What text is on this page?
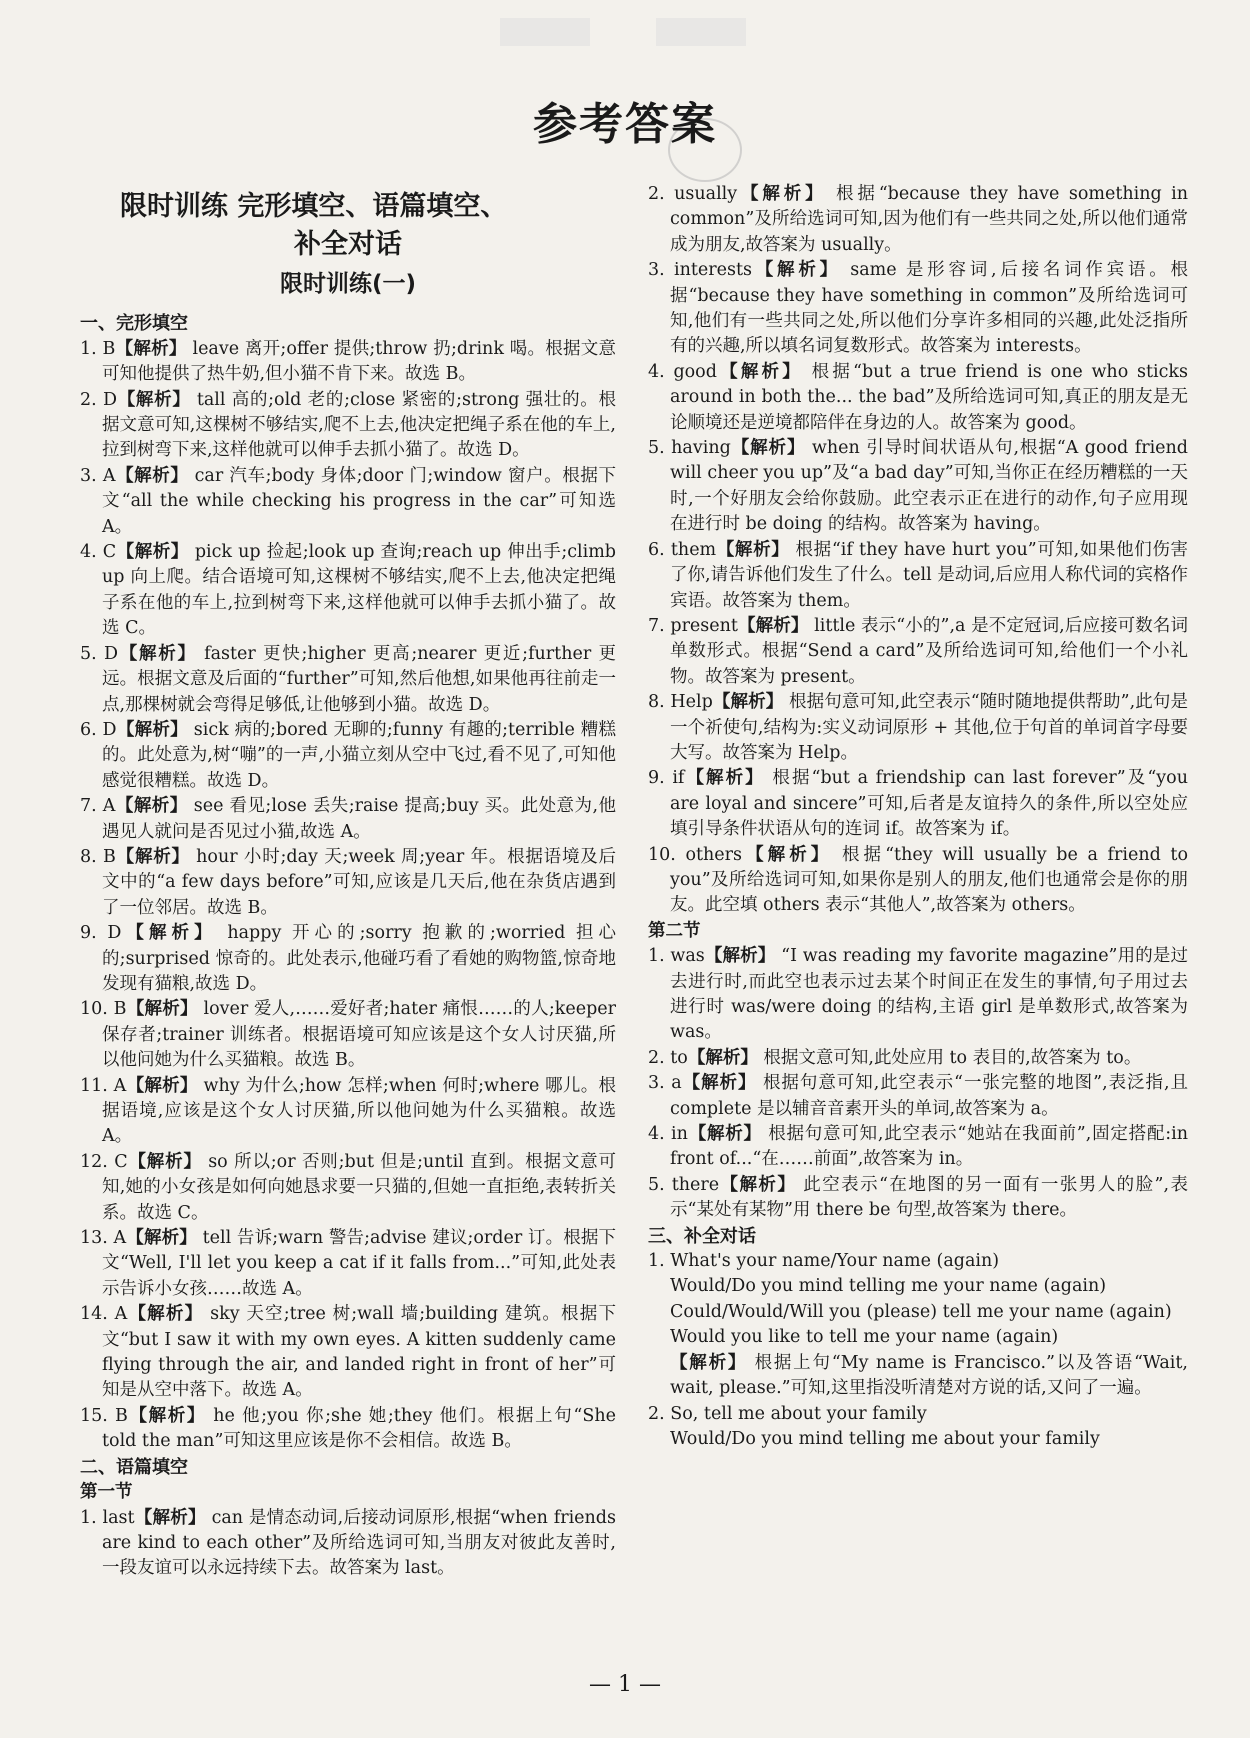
参考答案
限时训练 完形填空、语篇填空、
补全对话
限时训练(一)

一、完形填空

1. B【解析】 leave 离开;offer 提供;throw 扔;drink 喝。根据文意可知他提供了热牛奶,但小猫不肯下来。故选 B。

2. D【解析】 tall 高的;old 老的;close 紧密的;strong 强壮的。根据文意可知,这棵树不够结实,爬不上去,他决定把绳子系在他的车上,拉到树弯下来,这样他就可以伸手去抓小猫了。故选 D。

3. A【解析】 car 汽车;body 身体;door 门;window 窗户。根据下文“all the while checking his progress in the car”可知选 A。

4. C【解析】 pick up 捡起;look up 查询;reach up 伸出手;climb up 向上爬。结合语境可知,这棵树不够结实,爬不上去,他决定把绳子系在他的车上,拉到树弯下来,这样他就可以伸手去抓小猫了。故选 C。

5. D【解析】 faster 更快;higher 更高;nearer 更近;further 更远。根据文意及后面的“further”可知,然后他想,如果他再往前走一点,那棵树就会弯得足够低,让他够到小猫。故选 D。

6. D【解析】 sick 病的;bored 无聊的;funny 有趣的;terrible 糟糕的。此处意为,树“嘣”的一声,小猫立刻从空中飞过,看不见了,可知他感觉很糟糕。故选 D。

7. A【解析】 see 看见;lose 丢失;raise 提高;buy 买。此处意为,他遇见人就问是否见过小猫,故选 A。

8. B【解析】 hour 小时;day 天;week 周;year 年。根据语境及后文中的“a few days before”可知,应该是几天后,他在杂货店遇到了一位邻居。故选 B。

9. D【解析】 happy 开心的;sorry 抱歉的;worried 担心的;surprised 惊奇的。此处表示,他碰巧看了看她的购物篮,惊奇地发现有猫粮,故选 D。

10. B【解析】 lover 爱人,……爱好者;hater 痛恨……的人;keeper 保存者;trainer 训练者。根据语境可知应该是这个女人讨厌猫,所以他问她为什么买猫粮。故选 B。

11. A【解析】 why 为什么;how 怎样;when 何时;where 哪儿。根据语境,应该是这个女人讨厌猫,所以他问她为什么买猫粮。故选 A。

12. C【解析】 so 所以;or 否则;but 但是;until 直到。根据文意可知,她的小女孩是如何向她恳求要一只猫的,但她一直拒绝,表转折关系。故选 C。

13. A【解析】 tell 告诉;warn 警告;advise 建议;order 订。根据下文“Well, I'll let you keep a cat if it falls from...”可知,此处表示告诉小女孩……故选 A。

14. A【解析】 sky 天空;tree 树;wall 墙;building 建筑。根据下文“but I saw it with my own eyes. A kitten suddenly came flying through the air, and landed right in front of her”可知是从空中落下。故选 A。

15. B【解析】 he 他;you 你;she 她;they 他们。根据上句“She told the man”可知这里应该是你不会相信。故选 B。

二、语篇填空

第一节

1. last【解析】 can 是情态动词,后接动词原形,根据“when friends are kind to each other”及所给选词可知,当朋友对彼此友善时,一段友谊可以永远持续下去。故答案为 last。

2. usually【解析】 根据“because they have something in common”及所给选词可知,因为他们有一些共同之处,所以他们通常成为朋友,故答案为 usually。

3. interests【解析】 same 是形容词,后接名词作宾语。根据“because they have something in common”及所给选词可知,他们有一些共同之处,所以他们分享许多相同的兴趣,此处泛指所有的兴趣,所以填名词复数形式。故答案为 interests。

4. good【解析】 根据“but a true friend is one who sticks around in both the... the bad”及所给选词可知,真正的朋友是无论顺境还是逆境都陪伴在身边的人。故答案为 good。

5. having【解析】 when 引导时间状语从句,根据“A good friend will cheer you up”及“a bad day”可知,当你正在经历糟糕的一天时,一个好朋友会给你鼓励。此空表示正在进行的动作,句子应用现在进行时 be doing 的结构。故答案为 having。

6. them【解析】 根据“if they have hurt you”可知,如果他们伤害了你,请告诉他们发生了什么。tell 是动词,后应用人称代词的宾格作宾语。故答案为 them。

7. present【解析】 little 表示“小的”,a 是不定冠词,后应接可数名词单数形式。根据“Send a card”及所给选词可知,给他们一个小礼物。故答案为 present。

8. Help【解析】 根据句意可知,此空表示“随时随地提供帮助”,此句是一个祈使句,结构为:实义动词原形 + 其他,位于句首的单词首字母要大写。故答案为 Help。

9. if【解析】 根据“but a friendship can last forever”及“you are loyal and sincere”可知,后者是友谊持久的条件,所以空处应填引导条件状语从句的连词 if。故答案为 if。

10. others【解析】 根据“they will usually be a friend to you”及所给选词可知,如果你是别人的朋友,他们也通常会是你的朋友。此空填 others 表示“其他人”,故答案为 others。

第二节

1. was【解析】 “I was reading my favorite magazine”用的是过去进行时,而此空也表示过去某个时间正在发生的事情,句子用过去进行时 was/were doing 的结构,主语 girl 是单数形式,故答案为 was。

2. to【解析】 根据文意可知,此处应用 to 表目的,故答案为 to。

3. a【解析】 根据句意可知,此空表示“一张完整的地图”,表泛指,且 complete 是以辅音音素开头的单词,故答案为 a。

4. in【解析】 根据句意可知,此空表示“她站在我面前”,固定搭配:in front of...“在……前面”,故答案为 in。

5. there【解析】 此空表示“在地图的另一面有一张男人的脸”,表示“某处有某物”用 there be 句型,故答案为 there。

三、补全对话

1. What's your name/Your name (again)

Would/Do you mind telling me your name (again)

Could/Would/Will you (please) tell me your name (again)

Would you like to tell me your name (again)

【解析】 根据上句“My name is Francisco.”以及答语“Wait, wait, please.”可知,这里指没听清楚对方说的话,又问了一遍。

2. So, tell me about your family

Would/Do you mind telling me about your family

— 1 —
